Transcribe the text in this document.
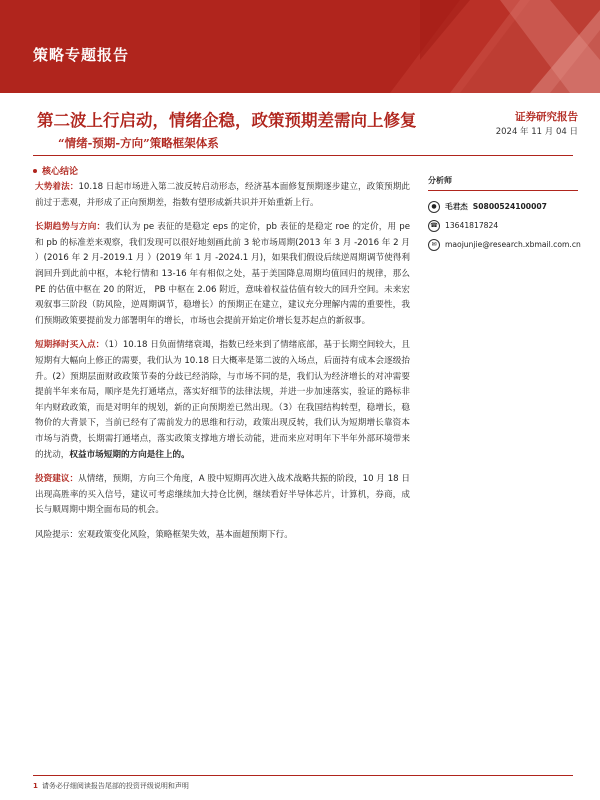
策略专题报告
第二波上行启动，情绪企稳，政策预期差需向上修复
“情绪-预期-方向”策略框架体系
证券研究报告
2024 年 11 月 04 日
核心结论

大势着法：10.18 日起市场进入第二波反转启动形态，经济基本面修复预期逐步建立，政策预期此前过于悲观，并形成了正向预期差，指数有望形成新共识并开始重新上行。

长期趋势与方向：我们认为 pe 表征的是稳定 eps 的定价，pb 表征的是稳定 roe 的定价，用 pe 和 pb 的标准差来观察，我们发现可以很好地刻画此前 3 轮市场周期(2013 年 3 月 -2016 年 2 月 ）(2016 年 2 月-2019.1 月 ）(2019 年 1 月 -2024.1 月)，如果我们假设后续逆周期调节使得利润回升到此前中枢，本轮行情和 13-16 年有相似之处，基于美国降息周期均值回归的规律，那么 PE 的估值中枢在 20 的附近， PB 中枢在 2.06 附近，意味着权益估值有较大的回升空间。未来宏观叙事三阶段（防风险，逆周期调节，稳增长）的预期正在建立，建议充分理解内需的重要性，我们预期政策要提前发力部署明年的增长，市场也会提前开始定价增长复苏起点的新叙事。

短期择时买入点：（1）10.18 日负面情绪衰竭，指数已经来到了情绪底部，基于长期空间较大，且短期有大幅向上修正的需要，我们认为 10.18 日大概率是第二波的入场点，后面持有成本会逐级抬升。(2）预期层面财政政策节奏的分歧已经消除，与市场不同的是，我们认为经济增长的对冲需要提前半年来布局，顺序是先打通堵点，落实好细节的法律法规，并进一步加速落实，验证的路标非年内财政政策，而是对明年的规划，新的正向预期差已然出现。（3）在我国结构转型，稳增长，稳物价的大背景下，当前已经有了需前发力的思维和行动，政策出现反转，我们认为短期增长靠资本市场与消费，长期需打通堵点，落实政策支撑地方增长动能，进而来应对明年下半年外部环境带来的扰动，权益市场短期的方向是往上的。

投资建议：从情绪，预期，方向三个角度，A 股中短期再次进入战术战略共振的阶段，10 月 18 日出现高胜率的买入信号，建议可考虑继续加大持仓比例，继续看好半导体芯片，计算机，券商，成长与顺周期中期全面布局的机会。

风险提示：宏观政策变化风险，策略框架失效，基本面超预期下行。

分析师
●	毛君杰 S0800524100007
☎ 13641817824
✉	maojunjie@research.xbmail.com.cn
1 请务必仔细阅读报告尾部的投资评级说明和声明
